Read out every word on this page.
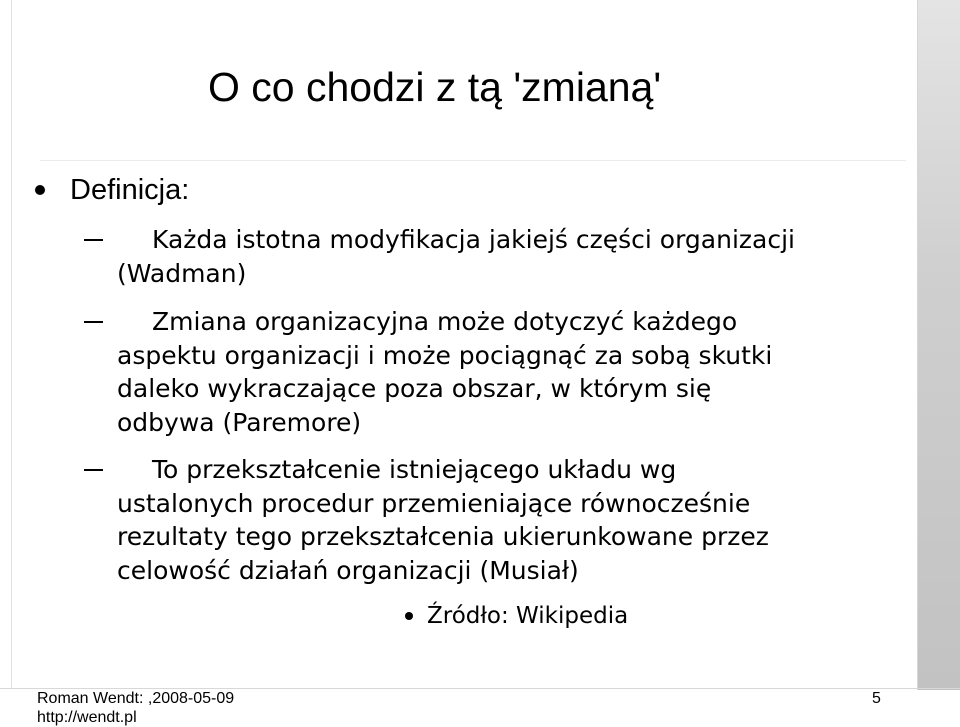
O co chodzi z tą 'zmianą'
Definicja:
Każda istotna modyfikacja jakiejś części organizacji
(Wadman)
Zmiana organizacyjna może dotyczyć każdego
aspektu organizacji i może pociągnąć za sobą skutki
daleko wykraczające poza obszar, w którym się
odbywa (Paremore)
To przekształcenie istniejącego układu wg
ustalonych procedur przemieniające równocześnie
rezultaty tego przekształcenia ukierunkowane przez
celowość działań organizacji (Musiał)
Źródło: Wikipedia
Roman Wendt: ,2008-05-09
http://wendt.pl
5
